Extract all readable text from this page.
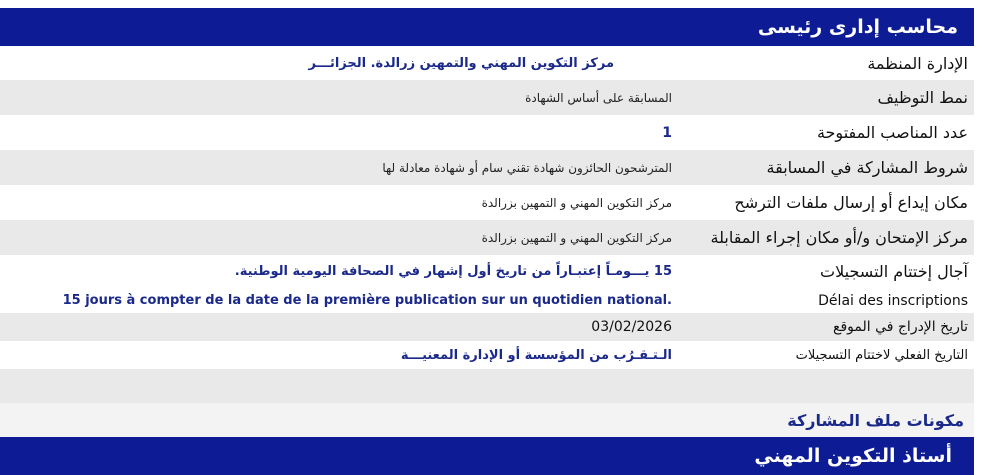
محاسب إدارى رئيسى
الإدارة المنظمة
مركز التكوين المهني والتمهين زرالدة. الجزائـــر
نمط التوظيف
المسابقة على أساس الشهادة
عدد المناصب المفتوحة
1
شروط المشاركة في المسابقة
المترشحون الحائزون شهادة تقني سام أو شهادة معادلة لها
مكان إيداع أو إرسال ملفات الترشح
مركز التكوين المهني و التمهين بزرالدة
مركز الإمتحان و/أو مكان إجراء المقابلة
مركز التكوين المهني و التمهين بزرالدة
آجال إختتام التسجيلات
15 يـــومـاً إعتبـاراً من تاريخ أول إشهار في الصحافة اليومية الوطنية.
Délai des inscriptions
15 jours à compter de la date de la première publication sur un quotidien national.
تاريخ الإدراج في الموقع
03/02/2026
التاريخ الفعلي لاختتام التسجيلات
الـتـقـرُب من المؤسسة أو الإدارة المعنيـــة
مكونات ملف المشاركة
أستاذ التكوين المهني
